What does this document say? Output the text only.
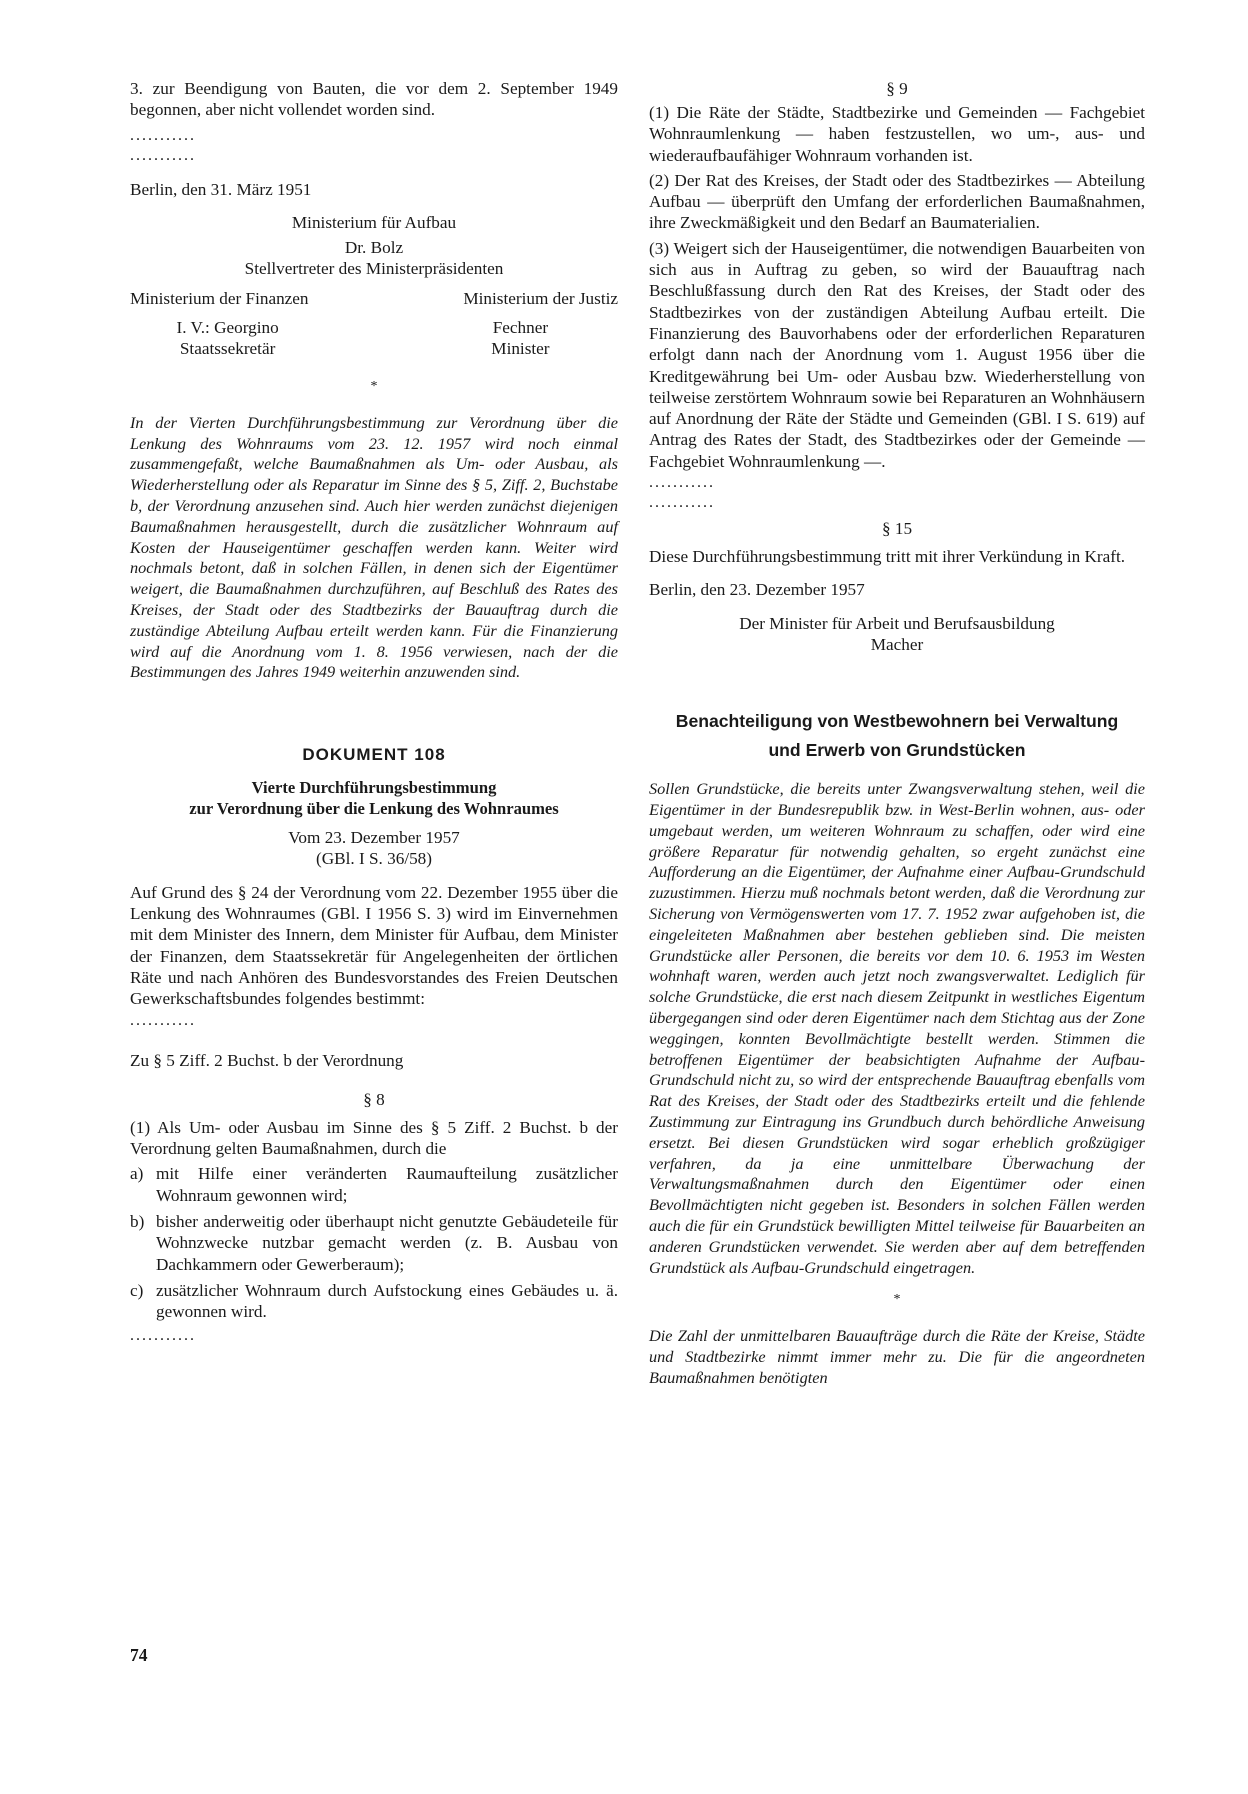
3. zur Beendigung von Bauten, die vor dem 2. September 1949 begonnen, aber nicht vollendet worden sind.

...........
...........

Berlin, den 31. März 1951

Ministerium für Aufbau

Dr. Bolz

Stellvertreter des Ministerpräsidenten

Ministerium der Finanzen	Ministerium der Justiz
I. V.: Georgino
Staatssekretär
Fechner
Minister
*

In der Vierten Durchführungsbestimmung zur Verordnung über die Lenkung des Wohnraums vom 23. 12. 1957 wird noch einmal zusammengefaßt, welche Baumaßnahmen als Um- oder Ausbau, als Wiederherstellung oder als Reparatur im Sinne des § 5, Ziff. 2, Buchstabe b, der Verordnung anzusehen sind. Auch hier werden zunächst diejenigen Baumaßnahmen herausgestellt, durch die zusätzlicher Wohnraum auf Kosten der Hauseigentümer geschaffen werden kann. Weiter wird nochmals betont, daß in solchen Fällen, in denen sich der Eigentümer weigert, die Baumaßnahmen durchzuführen, auf Beschluß des Rates des Kreises, der Stadt oder des Stadtbezirks der Bauauftrag durch die zuständige Abteilung Aufbau erteilt werden kann. Für die Finanzierung wird auf die Anordnung vom 1. 8. 1956 verwiesen, nach der die Bestimmungen des Jahres 1949 weiterhin anzuwenden sind.

DOKUMENT 108
Vierte Durchführungsbestimmung
zur Verordnung über die Lenkung des Wohnraumes

Vom 23. Dezember 1957

(GBl. I S. 36/58)

Auf Grund des § 24 der Verordnung vom 22. Dezember 1955 über die Lenkung des Wohnraumes (GBl. I 1956 S. 3) wird im Einvernehmen mit dem Minister des Innern, dem Minister für Aufbau, dem Minister der Finanzen, dem Staatssekretär für Angelegenheiten der örtlichen Räte und nach Anhören des Bundesvorstandes des Freien Deutschen Gewerkschaftsbundes folgendes bestimmt:

...........

Zu § 5 Ziff. 2 Buchst. b der Verordnung

§ 8

(1) Als Um- oder Ausbau im Sinne des § 5 Ziff. 2 Buchst. b der Verordnung gelten Baumaßnahmen, durch die

a) mit Hilfe einer veränderten Raumaufteilung zusätzlicher Wohnraum gewonnen wird;

b) bisher anderweitig oder überhaupt nicht genutzte Gebäudeteile für Wohnzwecke nutzbar gemacht werden (z. B. Ausbau von Dachkammern oder Gewerberaum);

c) zusätzlicher Wohnraum durch Aufstockung eines Gebäudes u. ä. gewonnen wird.

...........
§ 9

(1) Die Räte der Städte, Stadtbezirke und Gemeinden — Fachgebiet Wohnraumlenkung — haben festzustellen, wo um-, aus- und wiederaufbaufähiger Wohnraum vorhanden ist.

(2) Der Rat des Kreises, der Stadt oder des Stadtbezirkes — Abteilung Aufbau — überprüft den Umfang der erforderlichen Baumaßnahmen, ihre Zweckmäßigkeit und den Bedarf an Baumaterialien.

(3) Weigert sich der Hauseigentümer, die notwendigen Bauarbeiten von sich aus in Auftrag zu geben, so wird der Bauauftrag nach Beschlußfassung durch den Rat des Kreises, der Stadt oder des Stadtbezirkes von der zuständigen Abteilung Aufbau erteilt. Die Finanzierung des Bauvorhabens oder der erforderlichen Reparaturen erfolgt dann nach der Anordnung vom 1. August 1956 über die Kreditgewährung bei Um- oder Ausbau bzw. Wiederherstellung von teilweise zerstörtem Wohnraum sowie bei Reparaturen an Wohnhäusern auf Anordnung der Räte der Städte und Gemeinden (GBl. I S. 619) auf Antrag des Rates der Stadt, des Stadtbezirkes oder der Gemeinde — Fachgebiet Wohnraumlenkung —.

...........
...........
§ 15

Diese Durchführungsbestimmung tritt mit ihrer Verkündung in Kraft.

Berlin, den 23. Dezember 1957

Der Minister für Arbeit und Berufsausbildung

Macher

Benachteiligung von Westbewohnern bei Verwaltung
und Erwerb von Grundstücken

Sollen Grundstücke, die bereits unter Zwangsverwaltung stehen, weil die Eigentümer in der Bundesrepublik bzw. in West-Berlin wohnen, aus- oder umgebaut werden, um weiteren Wohnraum zu schaffen, oder wird eine größere Reparatur für notwendig gehalten, so ergeht zunächst eine Aufforderung an die Eigentümer, der Aufnahme einer Aufbau-Grundschuld zuzustimmen. Hierzu muß nochmals betont werden, daß die Verordnung zur Sicherung von Vermögenswerten vom 17. 7. 1952 zwar aufgehoben ist, die eingeleiteten Maßnahmen aber bestehen geblieben sind. Die meisten Grundstücke aller Personen, die bereits vor dem 10. 6. 1953 im Westen wohnhaft waren, werden auch jetzt noch zwangsverwaltet. Lediglich für solche Grundstücke, die erst nach diesem Zeitpunkt in westliches Eigentum übergegangen sind oder deren Eigentümer nach dem Stichtag aus der Zone weggingen, konnten Bevollmächtigte bestellt werden. Stimmen die betroffenen Eigentümer der beabsichtigten Aufnahme der Aufbau-Grundschuld nicht zu, so wird der entsprechende Bauauftrag ebenfalls vom Rat des Kreises, der Stadt oder des Stadtbezirks erteilt und die fehlende Zustimmung zur Eintragung ins Grundbuch durch behördliche Anweisung ersetzt. Bei diesen Grundstücken wird sogar erheblich großzügiger verfahren, da ja eine unmittelbare Überwachung der Verwaltungsmaßnahmen durch den Eigentümer oder einen Bevollmächtigten nicht gegeben ist. Besonders in solchen Fällen werden auch die für ein Grundstück bewilligten Mittel teilweise für Bauarbeiten an anderen Grundstücken verwendet. Sie werden aber auf dem betreffenden Grundstück als Aufbau-Grundschuld eingetragen.

*

Die Zahl der unmittelbaren Bauaufträge durch die Räte der Kreise, Städte und Stadtbezirke nimmt immer mehr zu. Die für die angeordneten Baumaßnahmen benötigten

74
